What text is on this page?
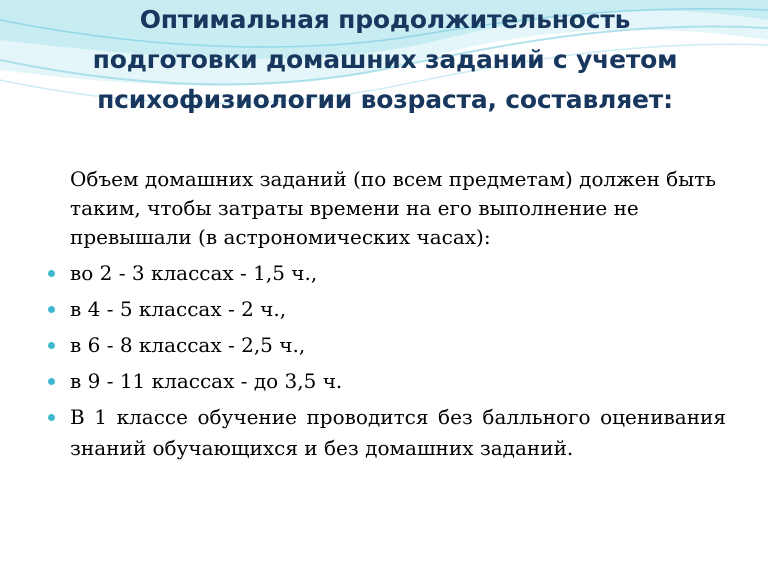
Оптимальная продолжительность
подготовки домашних заданий с учетом
психофизиологии возраста, составляет:

Объем домашних заданий (по всем предметам) должен быть таким, чтобы затраты времени на его выполнение не превышали (в астрономических часах):

во 2 - 3 классах - 1,5 ч.,
в 4 - 5 классах - 2 ч.,
в 6 - 8 классах - 2,5 ч.,
в 9 - 11 классах - до 3,5 ч.
В 1 классе обучение проводится без балльного оценивания знаний обучающихся и без домашних заданий.
